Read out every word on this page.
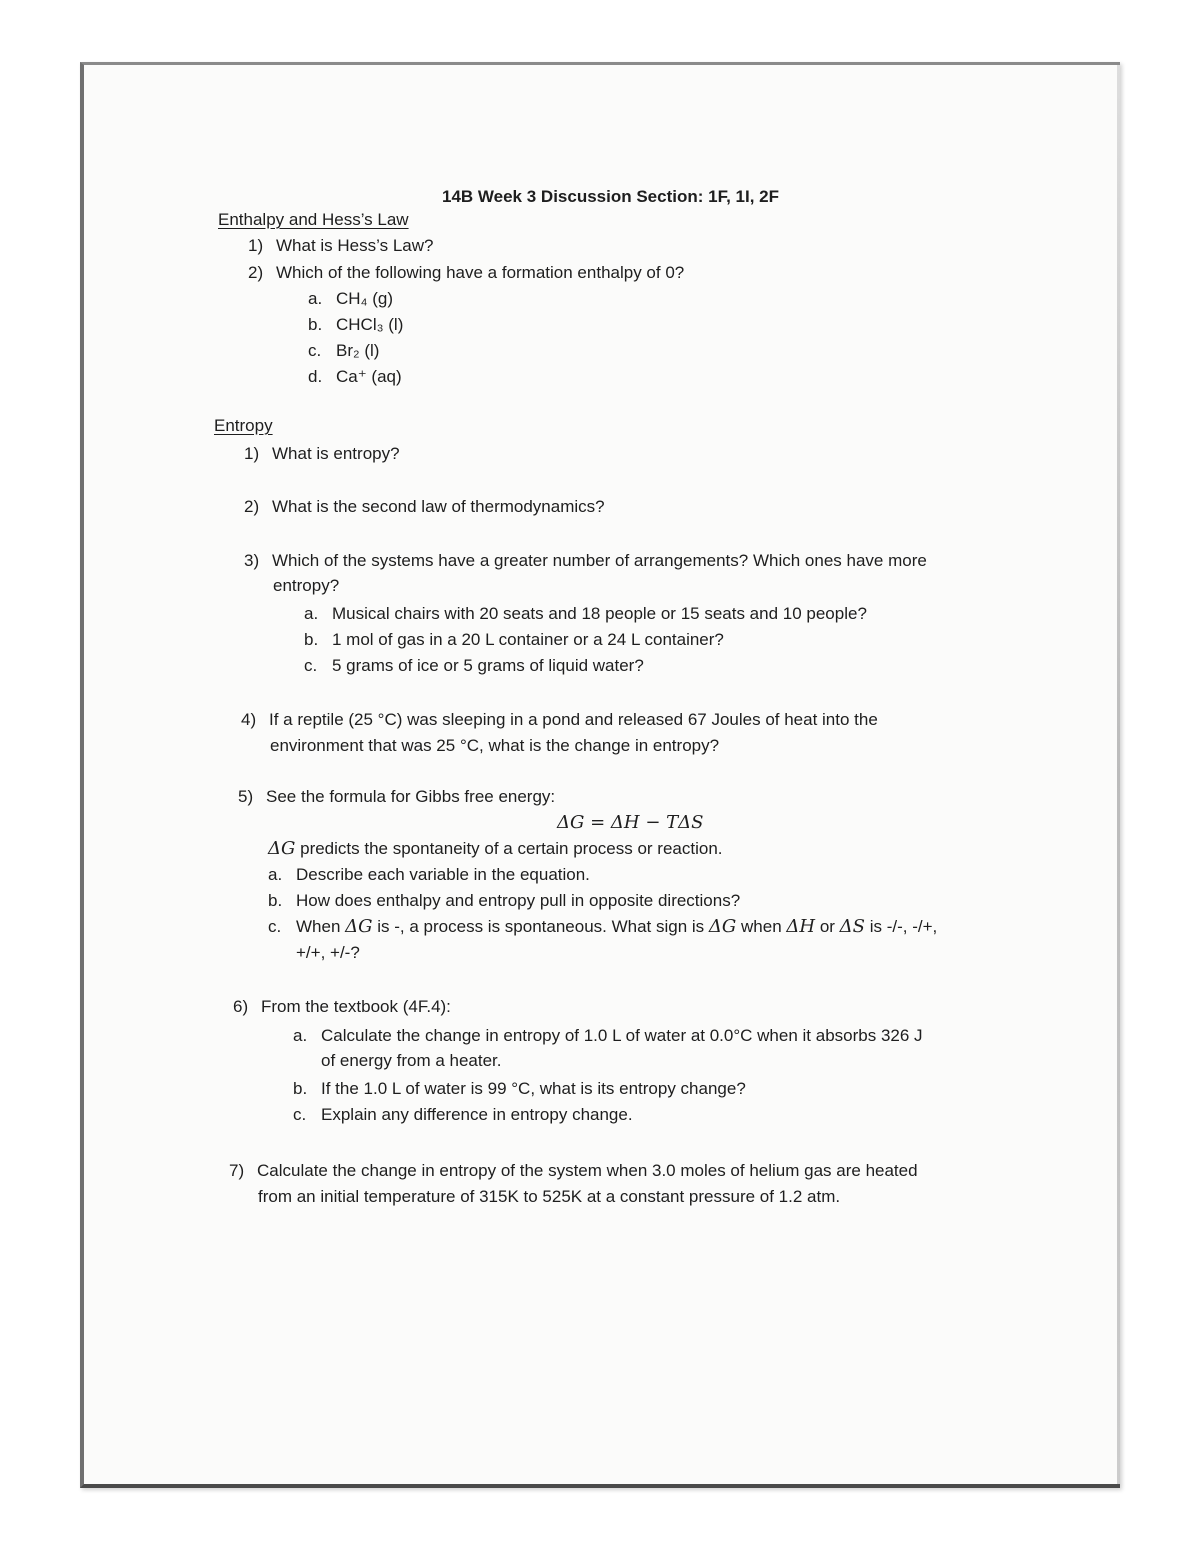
14B Week 3 Discussion Section: 1F, 1I, 2F
Enthalpy and Hess’s Law
1) What is Hess’s Law?
2) Which of the following have a formation enthalpy of 0?
a. CH₄ (g)
b. CHCl₃ (l)
c. Br₂ (l)
d. Ca⁺ (aq)
Entropy
1) What is entropy?
2) What is the second law of thermodynamics?
3) Which of the systems have a greater number of arrangements? Which ones have more
entropy?
a. Musical chairs with 20 seats and 18 people or 15 seats and 10 people?
b. 1 mol of gas in a 20 L container or a 24 L container?
c. 5 grams of ice or 5 grams of liquid water?
4) If a reptile (25 °C) was sleeping in a pond and released 67 Joules of heat into the
environment that was 25 °C, what is the change in entropy?
5) See the formula for Gibbs free energy:
ΔG = ΔH − TΔS
ΔG predicts the spontaneity of a certain process or reaction.
a. Describe each variable in the equation.
b. How does enthalpy and entropy pull in opposite directions?
c. When ΔG is -, a process is spontaneous. What sign is ΔG when ΔH or ΔS is -/-, -/+,
+/+, +/-?
6) From the textbook (4F.4):
a. Calculate the change in entropy of 1.0 L of water at 0.0°C when it absorbs 326 J
of energy from a heater.
b. If the 1.0 L of water is 99 °C, what is its entropy change?
c. Explain any difference in entropy change.
7) Calculate the change in entropy of the system when 3.0 moles of helium gas are heated
from an initial temperature of 315K to 525K at a constant pressure of 1.2 atm.
